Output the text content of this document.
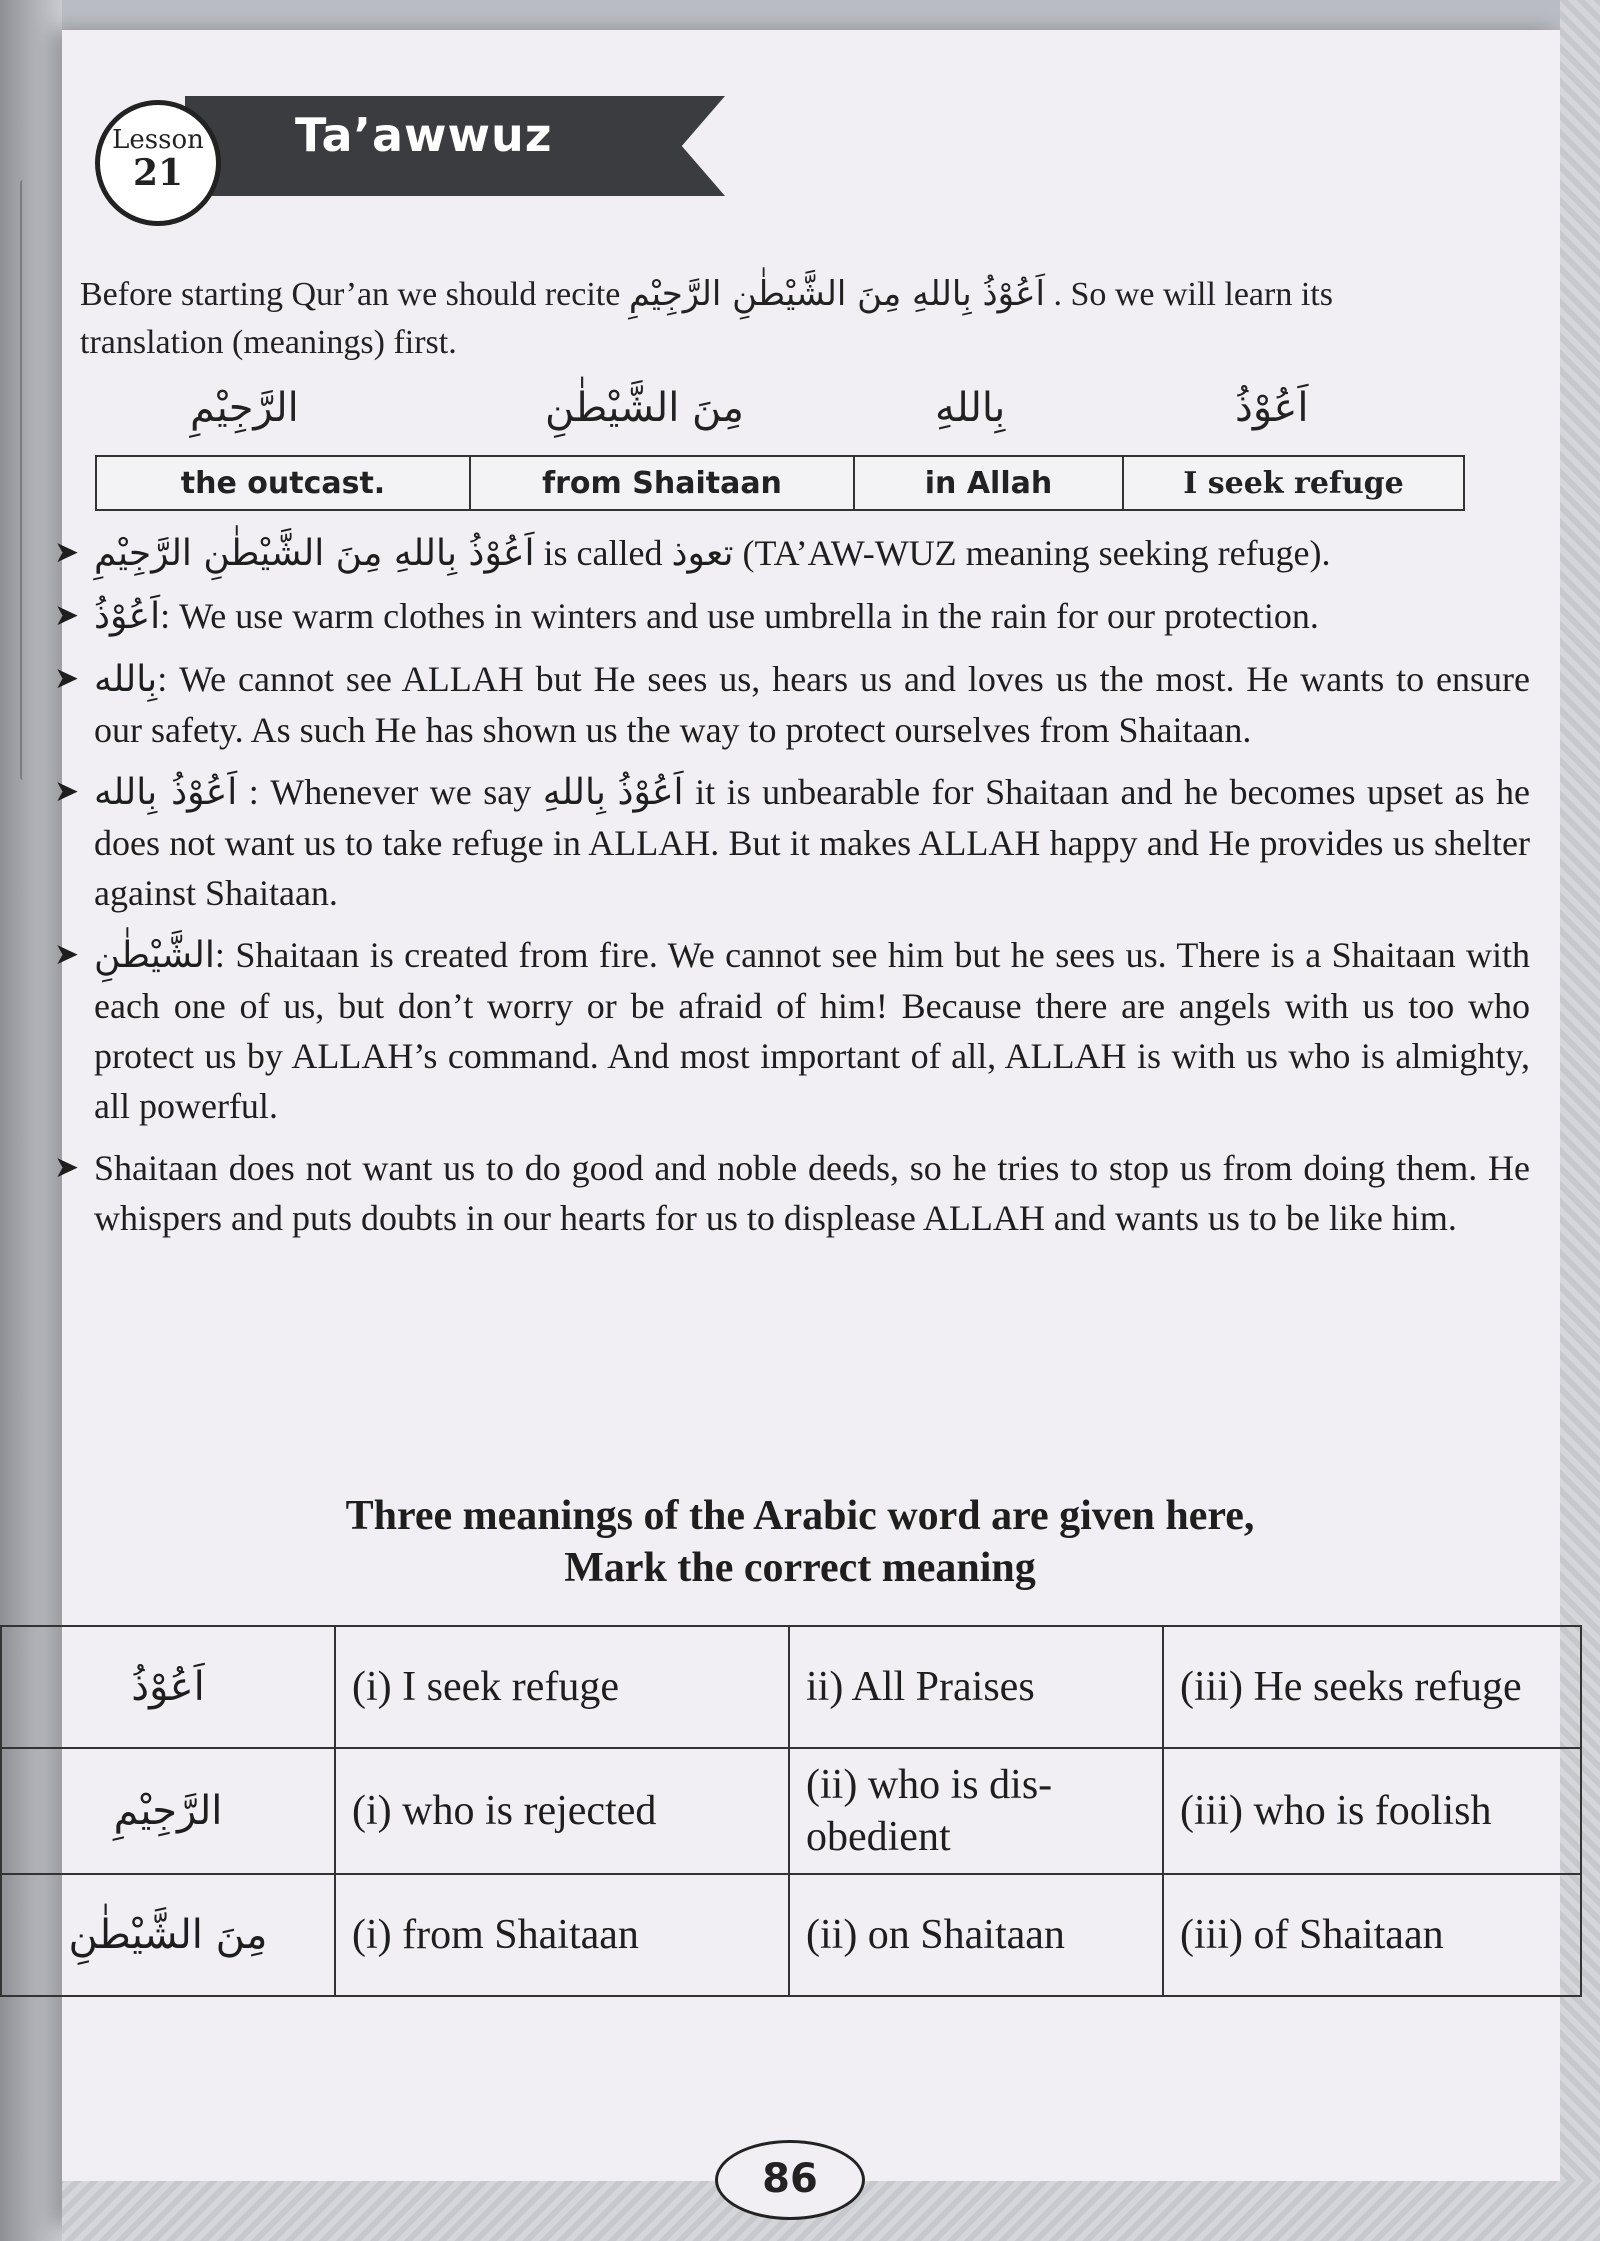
Ta’awwuz
Lesson
21
Before starting Qur’an we should recite اَعُوْذُ بِاللهِ مِنَ الشَّيْطٰنِ الرَّجِيْمِ . So we will learn its translation (meanings) first.
الرَّجِيْمِ	مِنَ الشَّيْطٰنِ	بِاللهِ	اَعُوْذُ
the outcast.	from Shaitaan	in Allah	I seek refuge
➤ اَعُوْذُ بِاللهِ مِنَ الشَّيْطٰنِ الرَّجِيْمِ is called تعوذ (TA’AW-WUZ meaning seeking refuge).
➤ اَعُوْذُ: We use warm clothes in winters and use umbrella in the rain for our protection.
➤ بِالله: We cannot see ALLAH but He sees us, hears us and loves us the most. He wants to ensure our safety. As such He has shown us the way to protect ourselves from Shaitaan.
➤ اَعُوْذُ بِالله : Whenever we say اَعُوْذُ بِاللهِ it is unbearable for Shaitaan and he becomes upset as he does not want us to take refuge in ALLAH. But it makes ALLAH happy and He provides us shelter against Shaitaan.
➤ الشَّيْطٰنِ: Shaitaan is created from fire. We cannot see him but he sees us. There is a Shaitaan with each one of us, but don’t worry or be afraid of him! Because there are angels with us too who protect us by ALLAH’s command. And most important of all, ALLAH is with us who is almighty, all powerful.
➤ Shaitaan does not want us to do good and noble deeds, so he tries to stop us from doing them. He whispers and puts doubts in our hearts for us to displease ALLAH and wants us to be like him.
Three meanings of the Arabic word are given here,
Mark the correct meaning
اَعُوْذُ	(i) I seek refuge	ii) All Praises	(iii) He seeks refuge
الرَّجِيْمِ	(i) who is rejected	(ii) who is dis-obedient	(iii) who is foolish
مِنَ الشَّيْطٰنِ	(i) from Shaitaan	(ii) on Shaitaan	(iii) of Shaitaan
86
